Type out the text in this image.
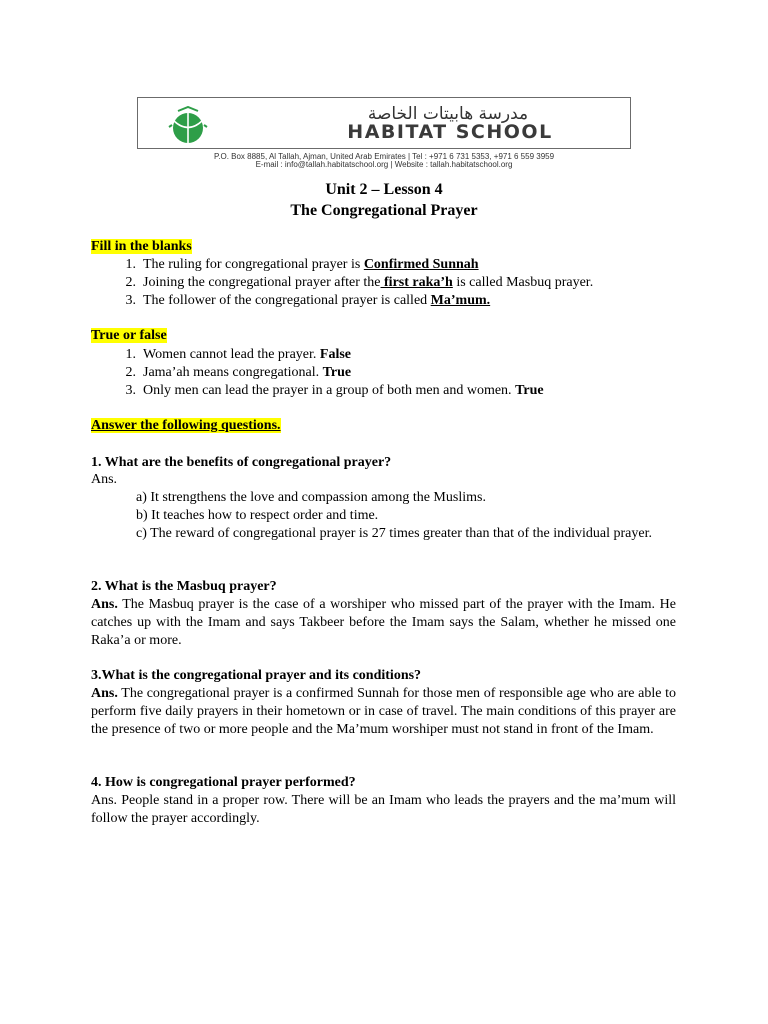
مدرسة هابيتات الخاصة
HABITAT SCHOOL
P.O. Box 8885, Al Tallah, Ajman, United Arab Emirates | Tel : +971 6 731 5353, +971 6 559 3959
E-mail : info@tallah.habitatschool.org | Website : tallah.habitatschool.org
Unit 2 – Lesson 4
The Congregational Prayer
Fill in the blanks
1. The ruling for congregational prayer is Confirmed Sunnah
2. Joining the congregational prayer after the first raka’h is called Masbuq prayer.
3. The follower of the congregational prayer is called Ma’mum.
True or false
1. Women cannot lead the prayer. False
2. Jama’ah means congregational. True
3. Only men can lead the prayer in a group of both men and women. True
Answer the following questions.
1. What are the benefits of congregational prayer?
Ans.
a) It strengthens the love and compassion among the Muslims.
b) It teaches how to respect order and time.
c) The reward of congregational prayer is 27 times greater than that of the individual prayer.
2. What is the Masbuq prayer?
Ans. The Masbuq prayer is the case of a worshiper who missed part of the prayer with the Imam. He catches up with the Imam and says Takbeer before the Imam says the Salam, whether he missed one Raka’a or more.
3.What is the congregational prayer and its conditions?
Ans. The congregational prayer is a confirmed Sunnah for those men of responsible age who are able to perform five daily prayers in their hometown or in case of travel. The main conditions of this prayer are the presence of two or more people and the Ma’mum worshiper must not stand in front of the Imam.
4. How is congregational prayer performed?
Ans. People stand in a proper row. There will be an Imam who leads the prayers and the ma’mum will follow the prayer accordingly.
